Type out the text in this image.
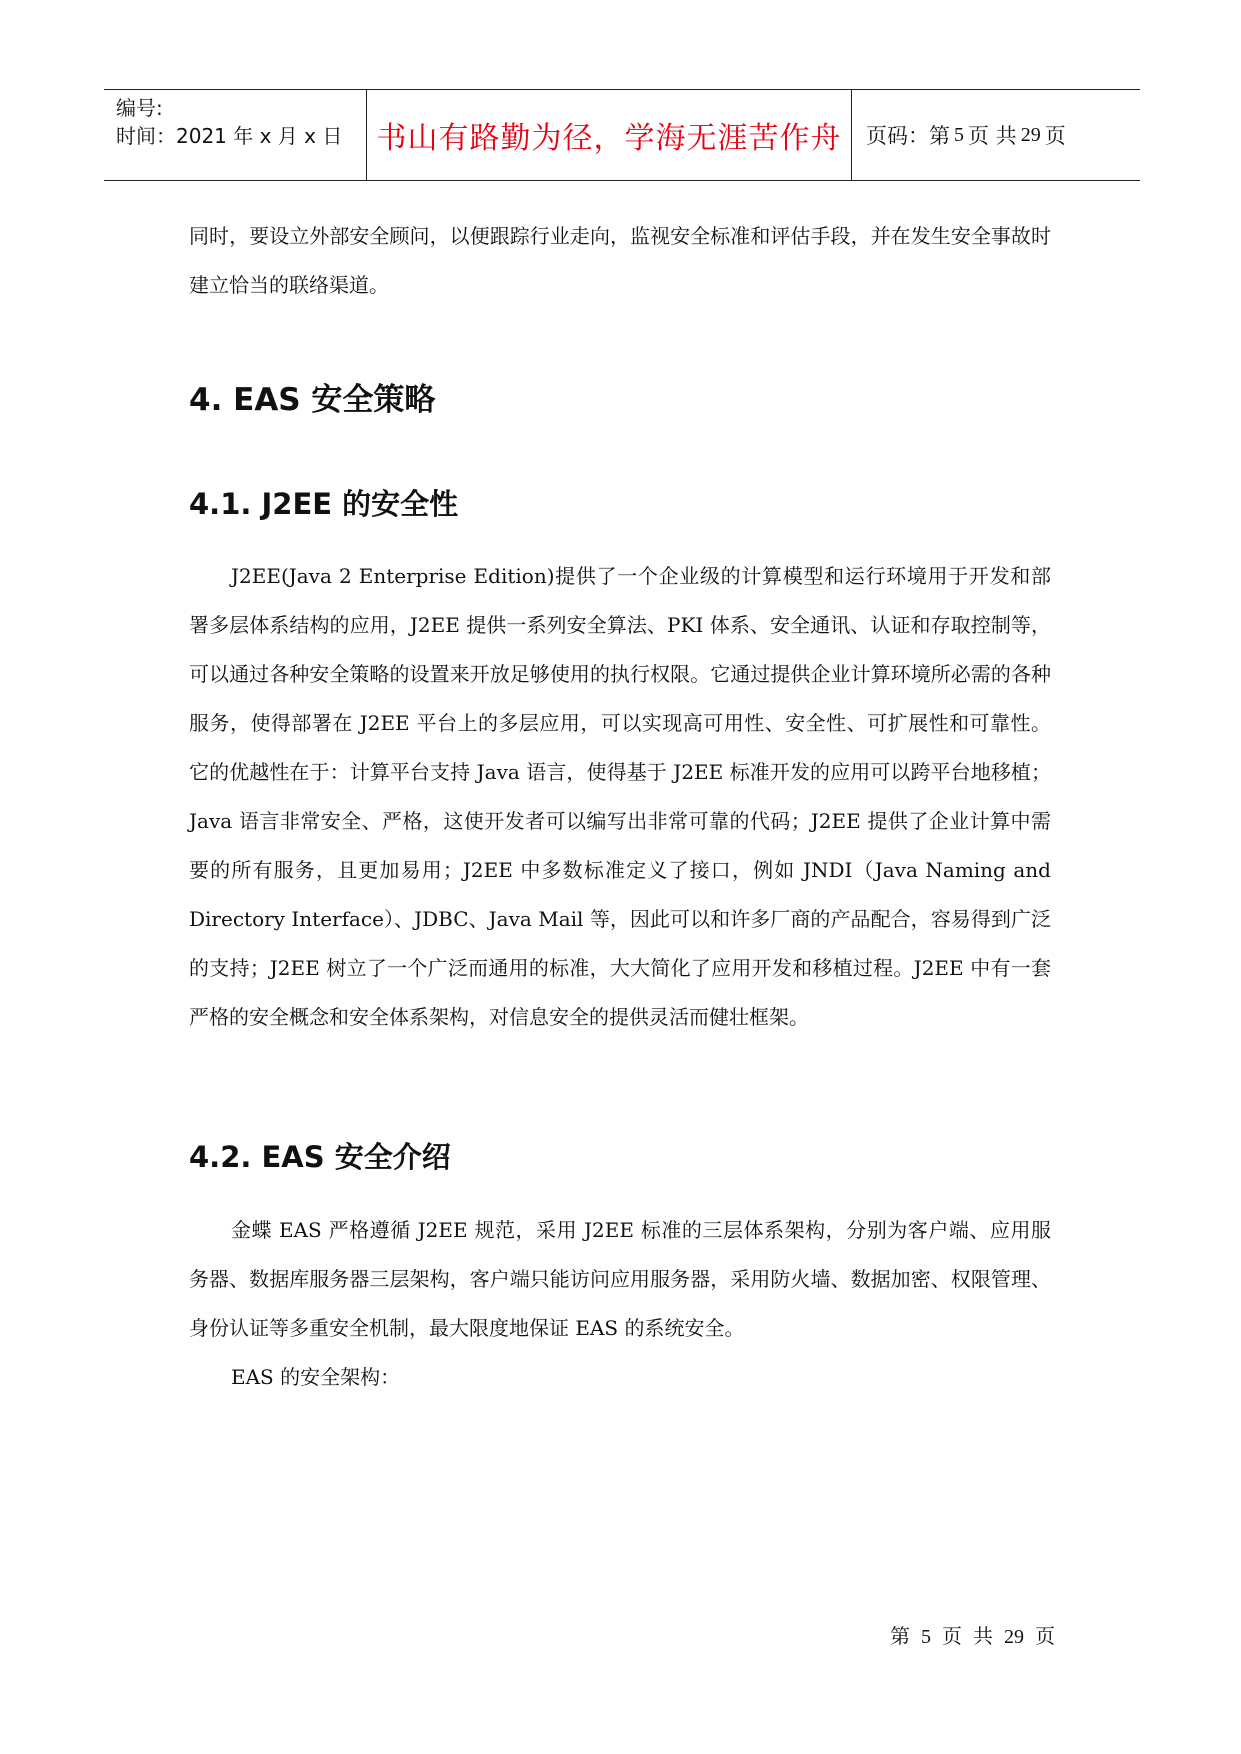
编号:
时间：2021 年 x 月 x 日 书山有路勤为径，学海无涯苦作舟 页码：第 5 页 共 29 页

同时，要设立外部安全顾问，以便跟踪行业走向，监视安全标准和评估手段，并在发生安全事故时建立恰当的联络渠道。

4. EAS 安全策略
4.1. J2EE 的安全性

J2EE(Java 2 Enterprise Edition)提供了一个企业级的计算模型和运行环境用于开发和部署多层体系结构的应用，J2EE 提供一系列安全算法、PKI 体系、安全通讯、认证和存取控制等，可以通过各种安全策略的设置来开放足够使用的执行权限。它通过提供企业计算环境所必需的各种服务，使得部署在 J2EE 平台上的多层应用，可以实现高可用性、安全性、可扩展性和可靠性。它的优越性在于：计算平台支持 Java 语言，使得基于 J2EE 标准开发的应用可以跨平台地移植；Java 语言非常安全、严格，这使开发者可以编写出非常可靠的代码；J2EE 提供了企业计算中需要的所有服务，且更加易用；J2EE 中多数标准定义了接口，例如 JNDI（Java Naming and Directory Interface）、JDBC、Java Mail 等，因此可以和许多厂商的产品配合，容易得到广泛的支持；J2EE 树立了一个广泛而通用的标准，大大简化了应用开发和移植过程。J2EE 中有一套严格的安全概念和安全体系架构，对信息安全的提供灵活而健壮框架。

4.2. EAS 安全介绍

金蝶 EAS 严格遵循 J2EE 规范，采用 J2EE 标准的三层体系架构，分别为客户端、应用服务器、数据库服务器三层架构，客户端只能访问应用服务器，采用防火墙、数据加密、权限管理、身份认证等多重安全机制，最大限度地保证 EAS 的系统安全。

EAS 的安全架构：

第 5 页 共 29 页
